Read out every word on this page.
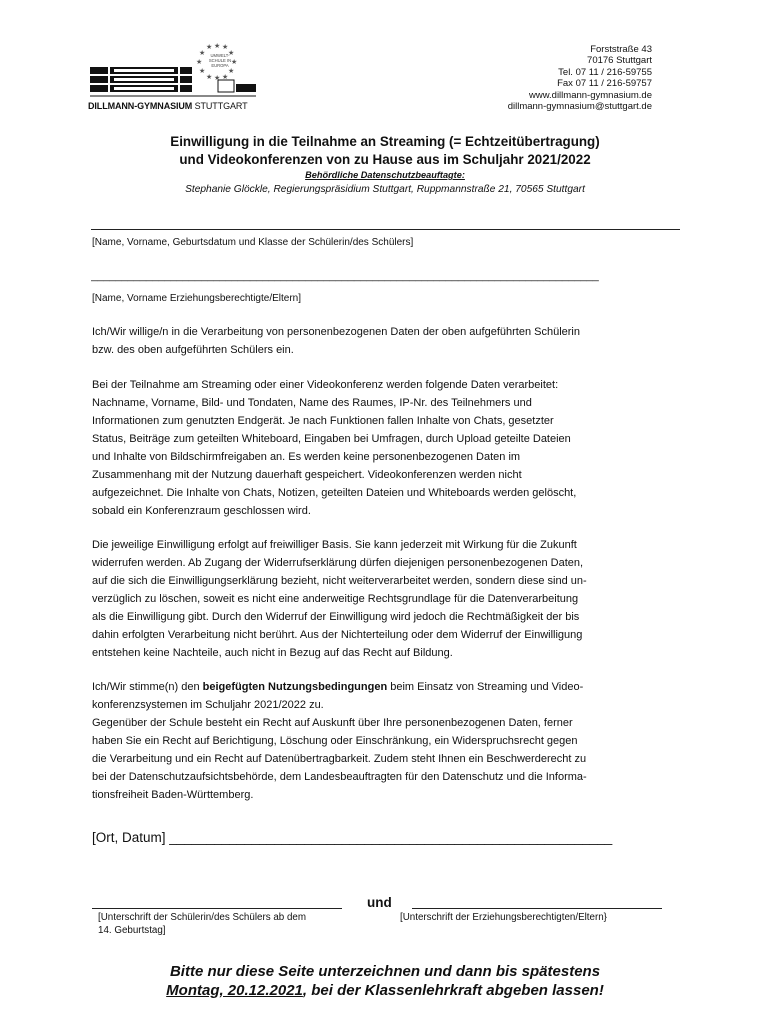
★ ★ ★
★	★
★	★
★	★
★ ★ ★
UMWELT-
SCHULE IN
EUROPA
DILLMANN-GYMNASIUM STUTTGART
Forststraße 43
70176 Stuttgart
Tel. 07 11 / 216-59755
Fax 07 11 / 216-59757
www.dillmann-gymnasium.de
dillmann-gymnasium@stuttgart.de
Einwilligung in die Teilnahme an Streaming (= Echtzeitübertragung)
und Videokonferenzen von zu Hause aus im Schuljahr 2021/2022
Behördliche Datenschutzbeauftagte:
Stephanie Glöckle, Regierungspräsidium Stuttgart, Ruppmannstraße 21, 70565 Stuttgart
[Name, Vorname, Geburtsdatum und Klasse der Schülerin/des Schülers]
___________________________________________________________________________________
[Name, Vorname Erziehungsberechtigte/Eltern]

Ich/Wir willige/n in die Verarbeitung von personenbezogenen Daten der oben aufgeführten Schülerin

bzw. des oben aufgeführten Schülers ein.

Bei der Teilnahme am Streaming oder einer Videokonferenz werden folgende Daten verarbeitet:

Nachname, Vorname, Bild- und Tondaten, Name des Raumes, IP-Nr. des Teilnehmers und

Informationen zum genutzten Endgerät. Je nach Funktionen fallen Inhalte von Chats, gesetzter

Status, Beiträge zum geteilten Whiteboard, Eingaben bei Umfragen, durch Upload geteilte Dateien

und Inhalte von Bildschirmfreigaben an. Es werden keine personenbezogenen Daten im

Zusammenhang mit der Nutzung dauerhaft gespeichert. Videokonferenzen werden nicht

aufgezeichnet. Die Inhalte von Chats, Notizen, geteilten Dateien und Whiteboards werden gelöscht,

sobald ein Konferenzraum geschlossen wird.

Die jeweilige Einwilligung erfolgt auf freiwilliger Basis. Sie kann jederzeit mit Wirkung für die Zukunft

widerrufen werden. Ab Zugang der Widerrufserklärung dürfen diejenigen personenbezogenen Daten,

auf die sich die Einwilligungserklärung bezieht, nicht weiterverarbeitet werden, sondern diese sind un-

verzüglich zu löschen, soweit es nicht eine anderweitige Rechtsgrundlage für die Datenverarbeitung

als die Einwilligung gibt. Durch den Widerruf der Einwilligung wird jedoch die Rechtmäßigkeit der bis

dahin erfolgten Verarbeitung nicht berührt. Aus der Nichterteilung oder dem Widerruf der Einwilligung

entstehen keine Nachteile, auch nicht in Bezug auf das Recht auf Bildung.

Ich/Wir stimme(n) den beigefügten Nutzungsbedingungen beim Einsatz von Streaming und Video-

konferenzsystemen im Schuljahr 2021/2022 zu.

Gegenüber der Schule besteht ein Recht auf Auskunft über Ihre personenbezogenen Daten, ferner

haben Sie ein Recht auf Berichtigung, Löschung oder Einschränkung, ein Widerspruchsrecht gegen

die Verarbeitung und ein Recht auf Datenübertragbarkeit. Zudem steht Ihnen ein Beschwerderecht zu

bei der Datenschutzaufsichtsbehörde, dem Landesbeauftragten für den Datenschutz und die Informa-

tionsfreiheit Baden-Württemberg.

[Ort, Datum] ___________________________________________________________
und
[Unterschrift der Schülerin/des Schülers ab dem
14. Geburtstag]
[Unterschrift der Erziehungsberechtigten/Eltern}
Bitte nur diese Seite unterzeichnen und dann bis spätestens
Montag, 20.12.2021, bei der Klassenlehrkraft abgeben lassen!
